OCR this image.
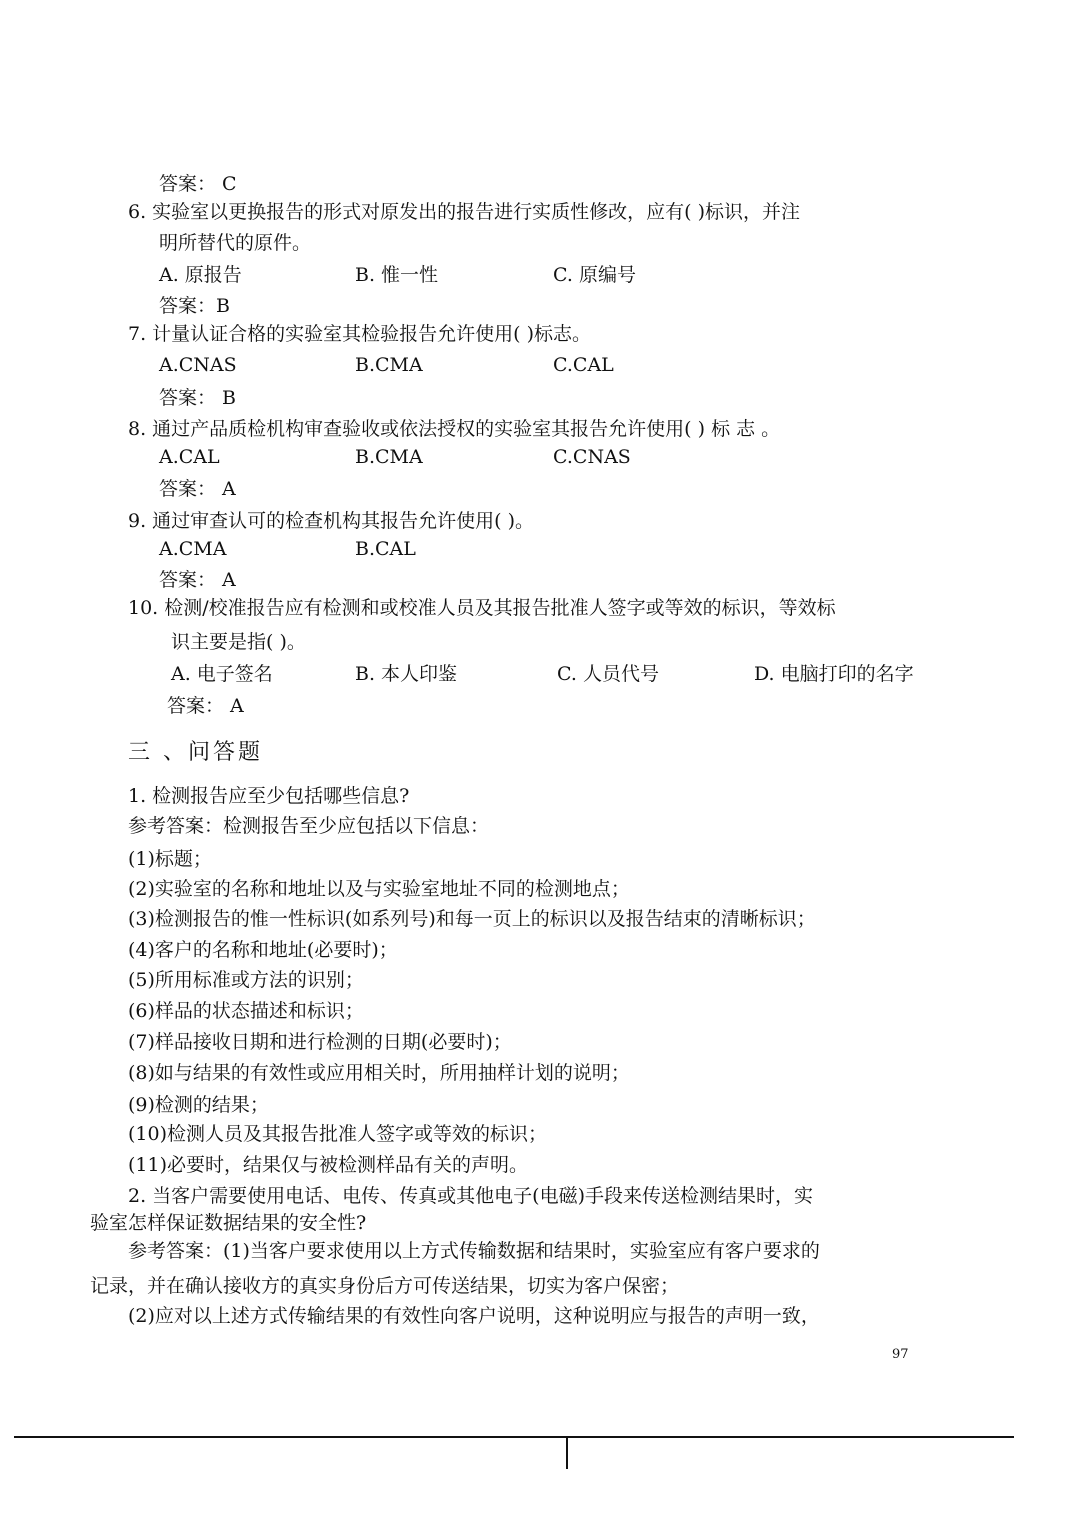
答案： C
6. 实验室以更换报告的形式对原发出的报告进行实质性修改，应有( )标识，并注
明所替代的原件。
A. 原报告	B. 惟一性	C. 原编号
答案：B
7. 计量认证合格的实验室其检验报告允许使用( )标志。
A.CNAS	B.CMA	C.CAL
答案： B
8. 通过产品质检机构审查验收或依法授权的实验室其报告允许使用( ) 标 志 。
A.CAL	B.CMA	C.CNAS
答案： A
9. 通过审查认可的检查机构其报告允许使用( )。
A.CMA	B.CAL
答案： A
10. 检测/校准报告应有检测和或校准人员及其报告批准人签字或等效的标识，等效标
识主要是指( )。
A. 电子签名	B. 本人印鉴	C. 人员代号	D. 电脑打印的名字
答案： A
三 、问答题
1. 检测报告应至少包括哪些信息?
参考答案：检测报告至少应包括以下信息：
(1)标题；
(2)实验室的名称和地址以及与实验室地址不同的检测地点；
(3)检测报告的惟一性标识(如系列号)和每一页上的标识以及报告结束的清晰标识；
(4)客户的名称和地址(必要时)；
(5)所用标准或方法的识别；
(6)样品的状态描述和标识；
(7)样品接收日期和进行检测的日期(必要时)；
(8)如与结果的有效性或应用相关时，所用抽样计划的说明；
(9)检测的结果；
(10)检测人员及其报告批准人签字或等效的标识；
(11)必要时，结果仅与被检测样品有关的声明。
2. 当客户需要使用电话、电传、传真或其他电子(电磁)手段来传送检测结果时，实
验室怎样保证数据结果的安全性?
参考答案：(1)当客户要求使用以上方式传输数据和结果时，实验室应有客户要求的
记录，并在确认接收方的真实身份后方可传送结果，切实为客户保密；
(2)应对以上述方式传输结果的有效性向客户说明，这种说明应与报告的声明一致，
97
